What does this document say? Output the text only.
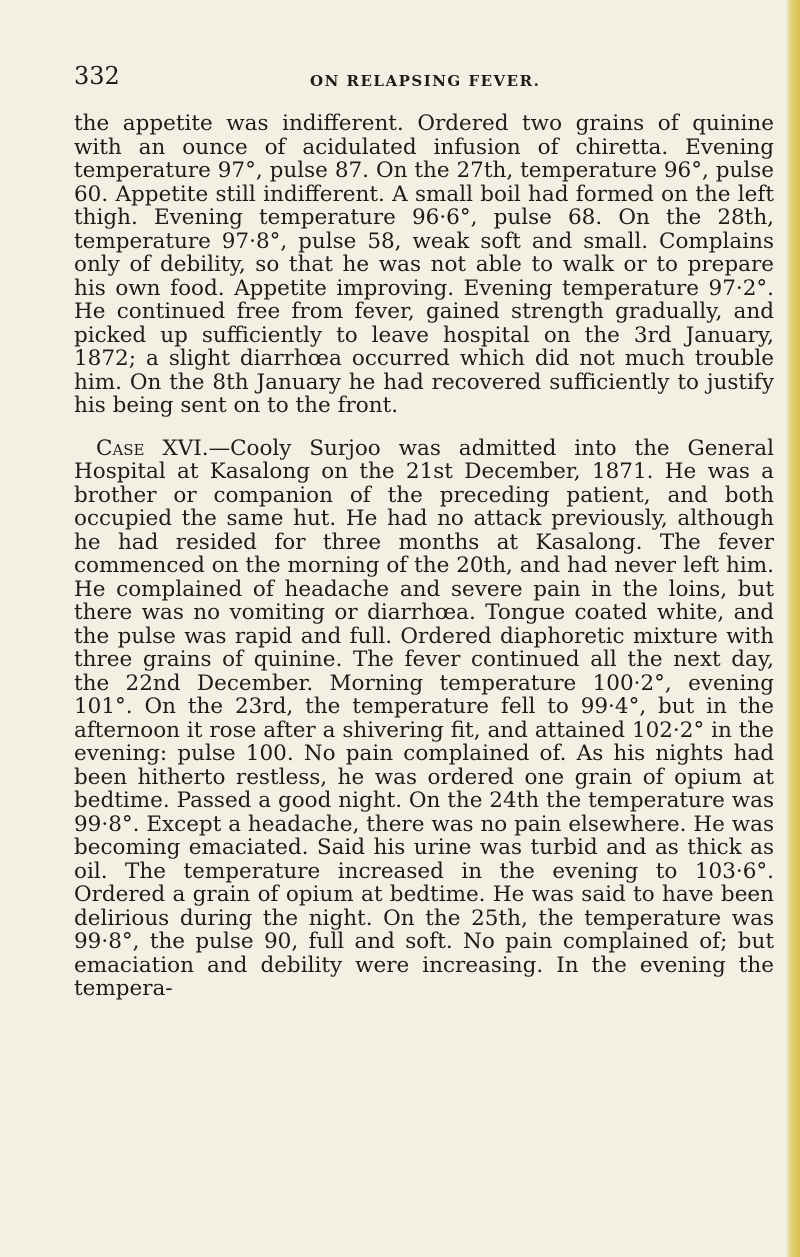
332	ON RELAPSING FEVER.

the appetite was indifferent. Ordered two grains of quinine with an ounce of acidulated infusion of chiretta. Evening temperature 97°, pulse 87. On the 27th, temperature 96°, pulse 60. Appetite still indifferent. A small boil had formed on the left thigh. Evening temperature 96·6°, pulse 68. On the 28th, temperature 97·8°, pulse 58, weak soft and small. Complains only of debility, so that he was not able to walk or to prepare his own food. Appetite improving. Evening temperature 97·2°. He continued free from fever, gained strength gradually, and picked up sufficiently to leave hospital on the 3rd January, 1872; a slight diarrhœa occurred which did not much trouble him. On the 8th January he had recovered sufficiently to justify his being sent on to the front.

Case XVI.—Cooly Surjoo was admitted into the General Hospital at Kasalong on the 21st December, 1871. He was a brother or companion of the preceding patient, and both occupied the same hut. He had no attack previously, although he had resided for three months at Kasalong. The fever commenced on the morning of the 20th, and had never left him. He complained of headache and severe pain in the loins, but there was no vomiting or diarrhœa. Tongue coated white, and the pulse was rapid and full. Ordered diaphoretic mixture with three grains of quinine. The fever continued all the next day, the 22nd December. Morning temperature 100·2°, evening 101°. On the 23rd, the temperature fell to 99·4°, but in the afternoon it rose after a shivering fit, and attained 102·2° in the evening: pulse 100. No pain complained of. As his nights had been hitherto restless, he was ordered one grain of opium at bedtime. Passed a good night. On the 24th the temperature was 99·8°. Except a headache, there was no pain elsewhere. He was becoming emaciated. Said his urine was turbid and as thick as oil. The temperature increased in the evening to 103·6°. Ordered a grain of opium at bedtime. He was said to have been delirious during the night. On the 25th, the temperature was 99·8°, the pulse 90, full and soft. No pain complained of; but emaciation and debility were increasing. In the evening the tempera-
